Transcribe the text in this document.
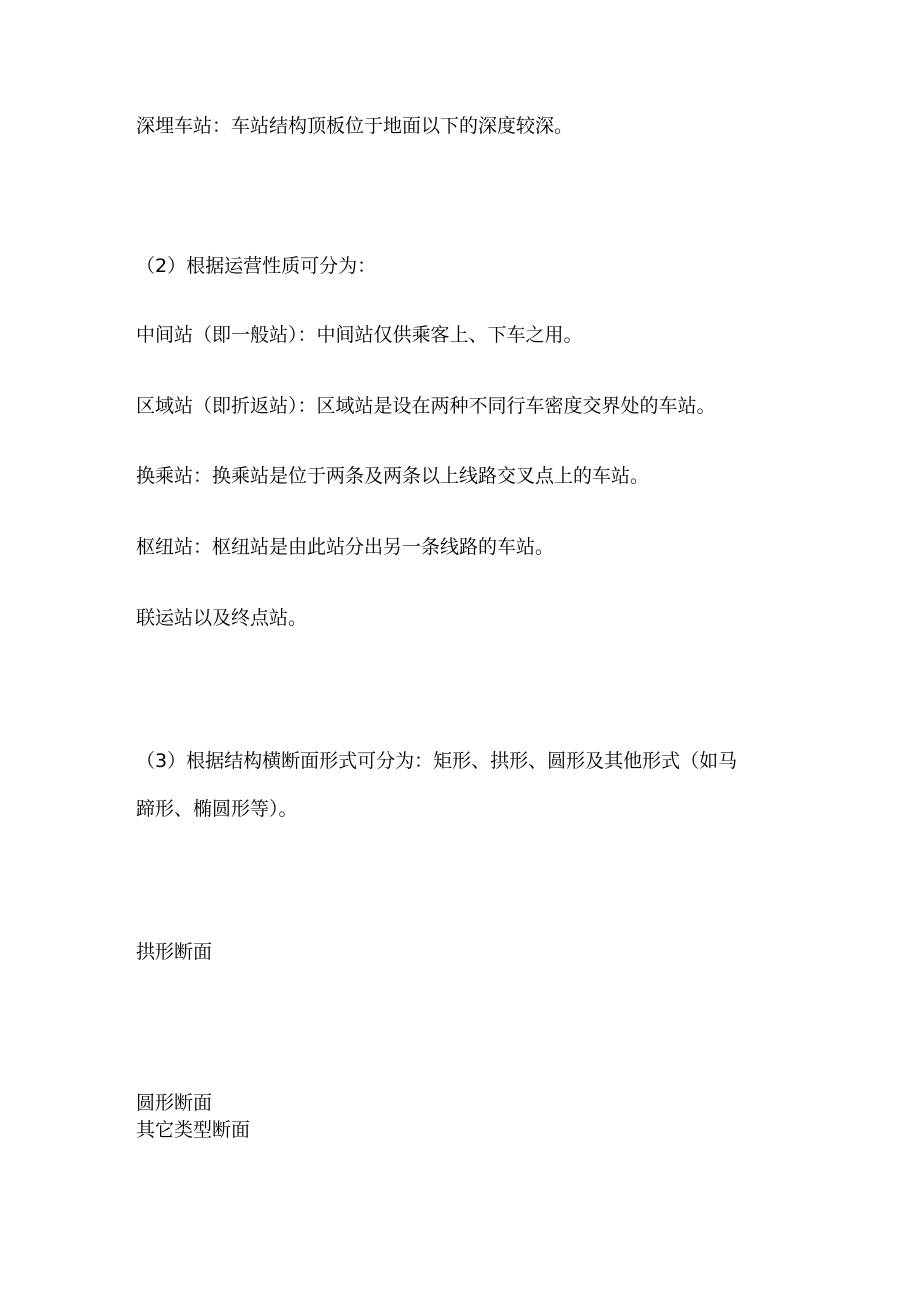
深埋车站：车站结构顶板位于地面以下的深度较深。

（2）根据运营性质可分为：

中间站（即一般站）：中间站仅供乘客上、下车之用。

区域站（即折返站）：区域站是设在两种不同行车密度交界处的车站。

换乘站：换乘站是位于两条及两条以上线路交叉点上的车站。

枢纽站：枢纽站是由此站分出另一条线路的车站。

联运站以及终点站。

（3）根据结构横断面形式可分为：矩形、拱形、圆形及其他形式（如马

蹄形、椭圆形等）。

拱形断面

圆形断面

其它类型断面
